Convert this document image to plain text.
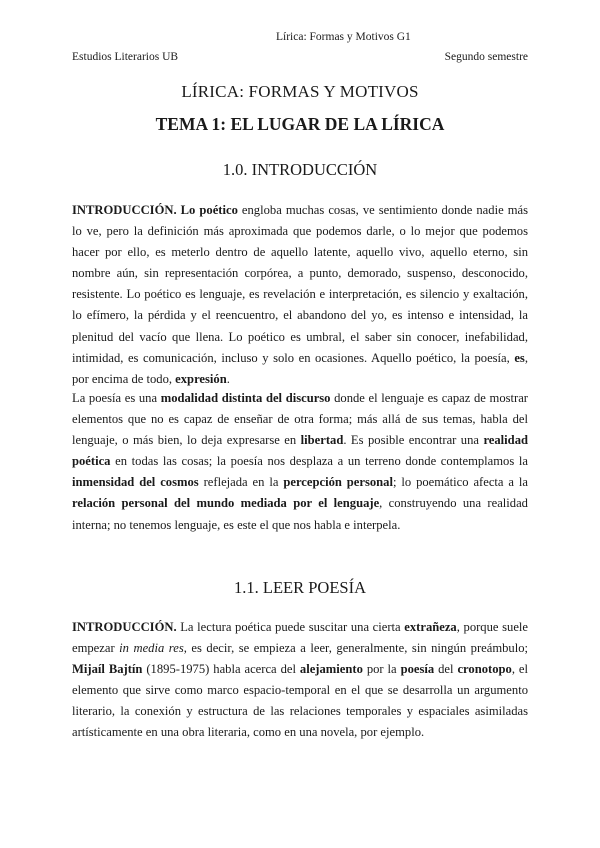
Lírica: Formas y Motivos G1
Estudios Literarios UB	Segundo semestre
LÍRICA: FORMAS Y MOTIVOS
TEMA 1: EL LUGAR DE LA LÍRICA
1.0. INTRODUCCIÓN

INTRODUCCIÓN. Lo poético engloba muchas cosas, ve sentimiento donde nadie más lo ve, pero la definición más aproximada que podemos darle, o lo mejor que podemos hacer por ello, es meterlo dentro de aquello latente, aquello vivo, aquello eterno, sin nombre aún, sin representación corpórea, a punto, demorado, suspenso, desconocido, resistente. Lo poético es lenguaje, es revelación e interpretación, es silencio y exaltación, lo efímero, la pérdida y el reencuentro, el abandono del yo, es intenso e intensidad, la plenitud del vacío que llena. Lo poético es umbral, el saber sin conocer, inefabilidad, intimidad, es comunicación, incluso y solo en ocasiones. Aquello poético, la poesía, es, por encima de todo, expresión.

La poesía es una modalidad distinta del discurso donde el lenguaje es capaz de mostrar elementos que no es capaz de enseñar de otra forma; más allá de sus temas, habla del lenguaje, o más bien, lo deja expresarse en libertad. Es posible encontrar una realidad poética en todas las cosas; la poesía nos desplaza a un terreno donde contemplamos la inmensidad del cosmos reflejada en la percepción personal; lo poemático afecta a la relación personal del mundo mediada por el lenguaje, construyendo una realidad interna; no tenemos lenguaje, es este el que nos habla e interpela.

1.1. LEER POESÍA

INTRODUCCIÓN. La lectura poética puede suscitar una cierta extrañeza, porque suele empezar in media res, es decir, se empieza a leer, generalmente, sin ningún preámbulo; Mijaíl Bajtín (1895-1975) habla acerca del alejamiento por la poesía del cronotopo, el elemento que sirve como marco espacio-temporal en el que se desarrolla un argumento literario, la conexión y estructura de las relaciones temporales y espaciales asimiladas artísticamente en una obra literaria, como en una novela, por ejemplo.
